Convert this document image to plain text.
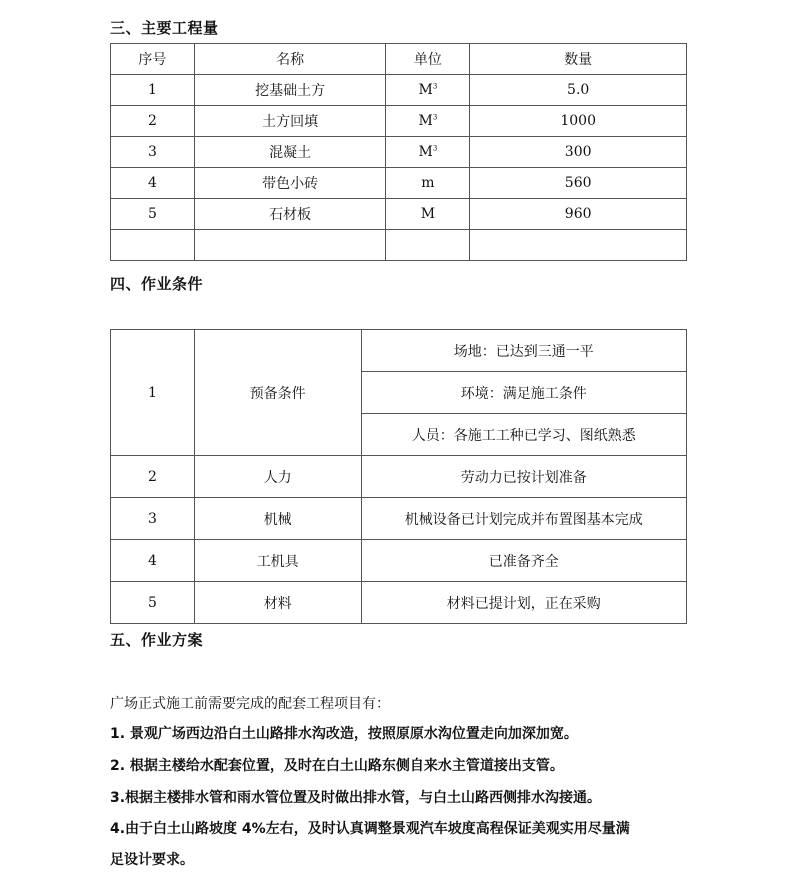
三、主要工程量
序号	名称	单位	数量
1	挖基础土方	$M^3$	5.0
2	土方回填	$M^3$	1000
3	混凝土	$M^3$	300
4	带色小砖	m	560
5	石材板	M	960

四、作业条件
1	预备条件	场地：已达到三通一平
		环境：满足施工条件
		人员：各施工工种已学习、图纸熟悉
2	人力	劳动力已按计划准备
3	机械	机械设备已计划完成并布置图基本完成
4	工机具	已准备齐全
5	材料	材料已提计划，正在采购
五、作业方案
广场正式施工前需要完成的配套工程项目有：
1. 景观广场西边沿白土山路排水沟改造，按照原原水沟位置走向加深加宽。
2. 根据主楼给水配套位置，及时在白土山路东侧自来水主管道接出支管。
3.根据主楼排水管和雨水管位置及时做出排水管，与白土山路西侧排水沟接通。
4.由于白土山路坡度 4%左右，及时认真调整景观汽车坡度高程保证美观实用尽量满
足设计要求。
